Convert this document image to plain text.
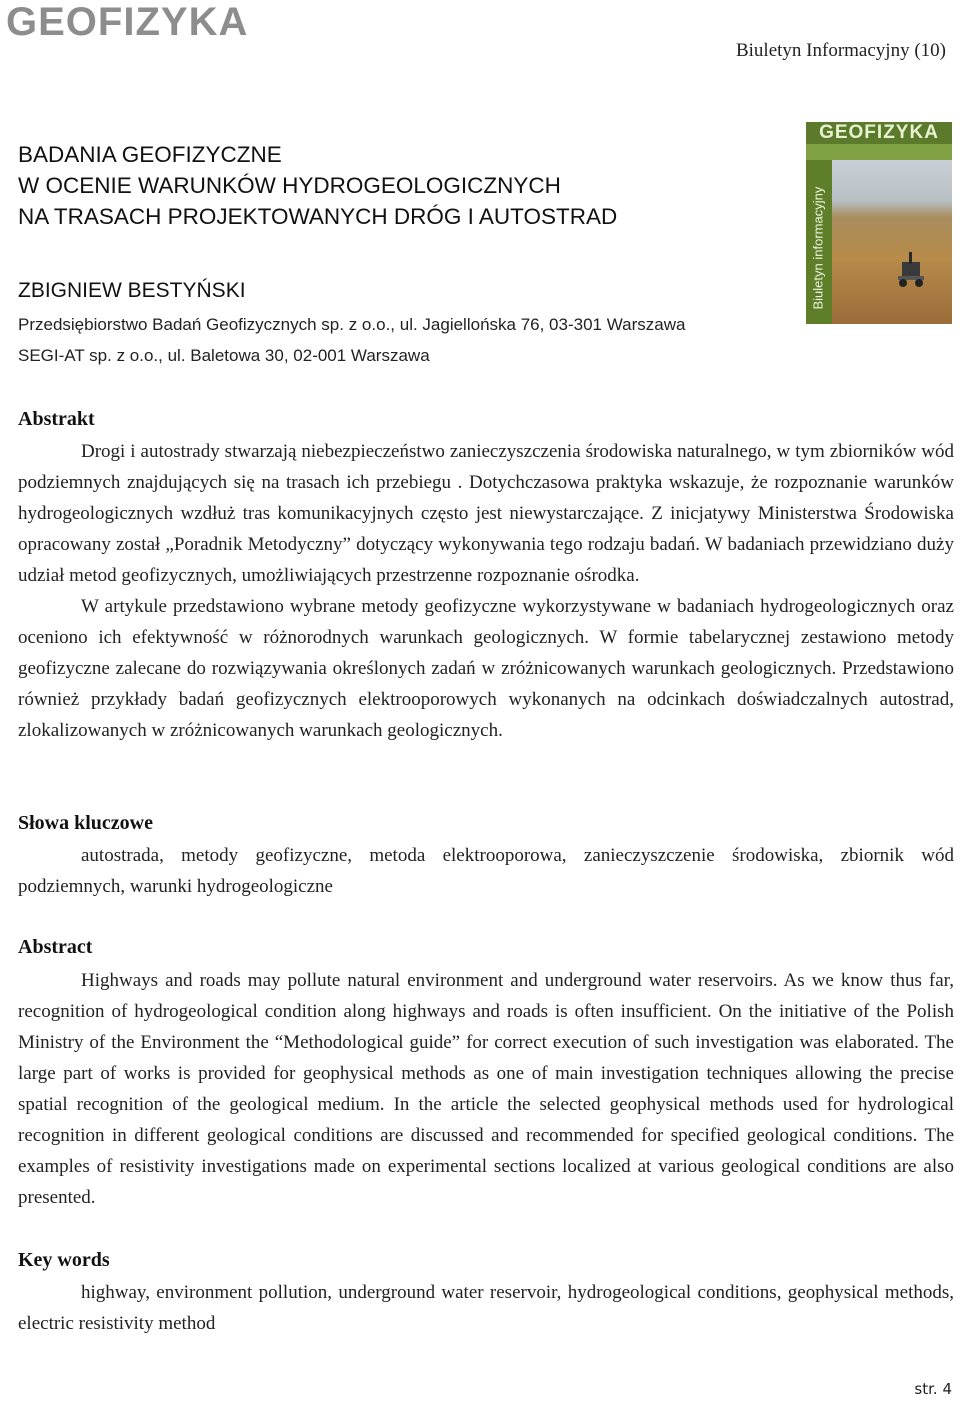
GEOFIZYKA
Biuletyn Informacyjny (10)
BADANIA GEOFIZYCZNE
W OCENIE WARUNKÓW HYDROGEOLOGICZNYCH
NA TRASACH PROJEKTOWANYCH DRÓG I AUTOSTRAD
ZBIGNIEW BESTYŃSKI
Przedsiębiorstwo Badań Geofizycznych sp. z o.o., ul. Jagiellońska 76, 03-301 Warszawa
SEGI-AT sp. z o.o., ul. Baletowa 30, 02-001 Warszawa
GEOFIZYKA
Biuletyn informacyjny
Abstrakt

Drogi i autostrady stwarzają niebezpieczeństwo zanieczyszczenia środowiska naturalnego, w tym zbiorników wód podziemnych znajdujących się na trasach ich przebiegu . Dotychczasowa praktyka wskazuje, że rozpoznanie warunków hydrogeologicznych wzdłuż tras komunikacyjnych często jest niewystarczające. Z inicjatywy Ministerstwa Środowiska opracowany został „Poradnik Metodyczny” dotyczący wykonywania tego rodzaju badań. W badaniach przewidziano duży udział metod geofizycznych, umożliwiających przestrzenne rozpoznanie ośrodka.

W artykule przedstawiono wybrane metody geofizyczne wykorzystywane w badaniach hydrogeologicznych oraz oceniono ich efektywność w różnorodnych warunkach geologicznych. W formie tabelarycznej zestawiono metody geofizyczne zalecane do rozwiązywania określonych zadań w zróżnicowanych warunkach geologicznych. Przedstawiono również przykłady badań geofizycznych elektrooporowych wykonanych na odcinkach doświadczalnych autostrad, zlokalizowanych w zróżnicowanych warunkach geologicznych.

Słowa kluczowe

autostrada, metody geofizyczne, metoda elektrooporowa, zanieczyszczenie środowiska, zbiornik wód podziemnych, warunki hydrogeologiczne

Abstract

Highways and roads may pollute natural environment and underground water reservoirs. As we know thus far, recognition of hydrogeological condition along highways and roads is often insufficient. On the initiative of the Polish Ministry of the Environment the “Methodological guide” for correct execution of such investigation was elaborated. The large part of works is provided for geophysical methods as one of main investigation techniques allowing the precise spatial recognition of the geological medium. In the article the selected geophysical methods used for hydrological recognition in different geological conditions are discussed and recommended for specified geological conditions. The examples of resistivity investigations made on experimental sections localized at various geological conditions are also presented.

Key words

highway, environment pollution, underground water reservoir, hydrogeological conditions, geophysical methods, electric resistivity method

str. 4
